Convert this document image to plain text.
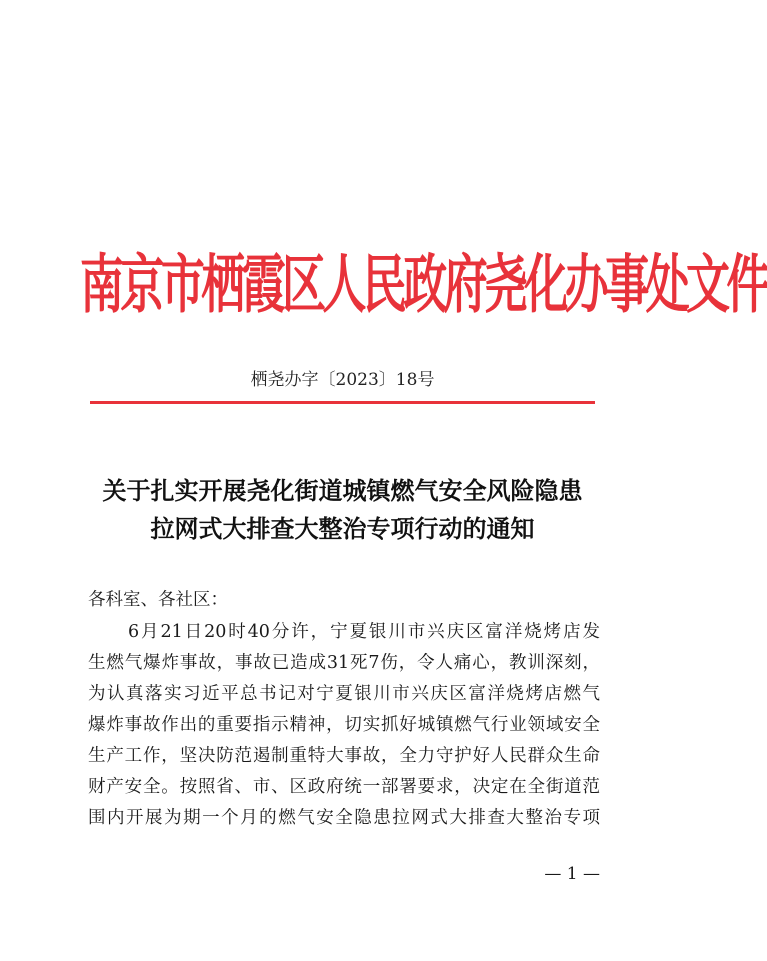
南京市栖霞区人民政府尧化办事处文件
栖尧办字〔2023〕18号
关于扎实开展尧化街道城镇燃气安全风险隐患
拉网式大排查大整治专项行动的通知
各科室、各社区：
6月21日20时40分许，宁夏银川市兴庆区富洋烧烤店发
生燃气爆炸事故，事故已造成31死7伤，令人痛心，教训深刻，
为认真落实习近平总书记对宁夏银川市兴庆区富洋烧烤店燃气
爆炸事故作出的重要指示精神，切实抓好城镇燃气行业领域安全
生产工作，坚决防范遏制重特大事故，全力守护好人民群众生命
财产安全。按照省、市、区政府统一部署要求，决定在全街道范
围内开展为期一个月的燃气安全隐患拉网式大排查大整治专项
— 1 —
